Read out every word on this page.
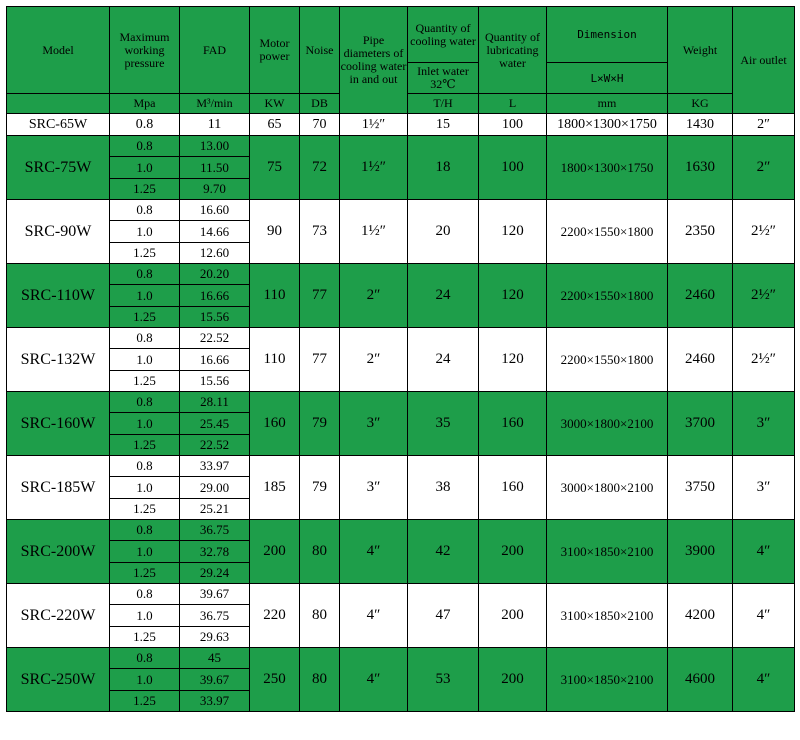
Model	Maximum working pressure	FAD	Motor power	Noise	Pipe diameters of cooling water in and out	Quantity of cooling water	Quantity of lubricating water	Dimension	Weight	Air outlet
						Inlet water 32℃		L×W×H		
	Mpa	M³/min	KW	DB		T/H	L	mm	KG	
SRC-65W	0.8	11	65	70	1½″	15	100	1800×1300×1750	1430	2″
SRC-75W	0.8	13.00	75	72	1½″	18	100	1800×1300×1750	1630	2″
	1.0	11.50								
	1.25	9.70								
SRC-90W	0.8	16.60	90	73	1½″	20	120	2200×1550×1800	2350	2½″
	1.0	14.66								
	1.25	12.60								
SRC-110W	0.8	20.20	110	77	2″	24	120	2200×1550×1800	2460	2½″
	1.0	16.66								
	1.25	15.56								
SRC-132W	0.8	22.52	110	77	2″	24	120	2200×1550×1800	2460	2½″
	1.0	16.66								
	1.25	15.56								
SRC-160W	0.8	28.11	160	79	3″	35	160	3000×1800×2100	3700	3″
	1.0	25.45								
	1.25	22.52								
SRC-185W	0.8	33.97	185	79	3″	38	160	3000×1800×2100	3750	3″
	1.0	29.00								
	1.25	25.21								
SRC-200W	0.8	36.75	200	80	4″	42	200	3100×1850×2100	3900	4″
	1.0	32.78								
	1.25	29.24								
SRC-220W	0.8	39.67	220	80	4″	47	200	3100×1850×2100	4200	4″
	1.0	36.75								
	1.25	29.63								
SRC-250W	0.8	45	250	80	4″	53	200	3100×1850×2100	4600	4″
	1.0	39.67								
	1.25	33.97								
